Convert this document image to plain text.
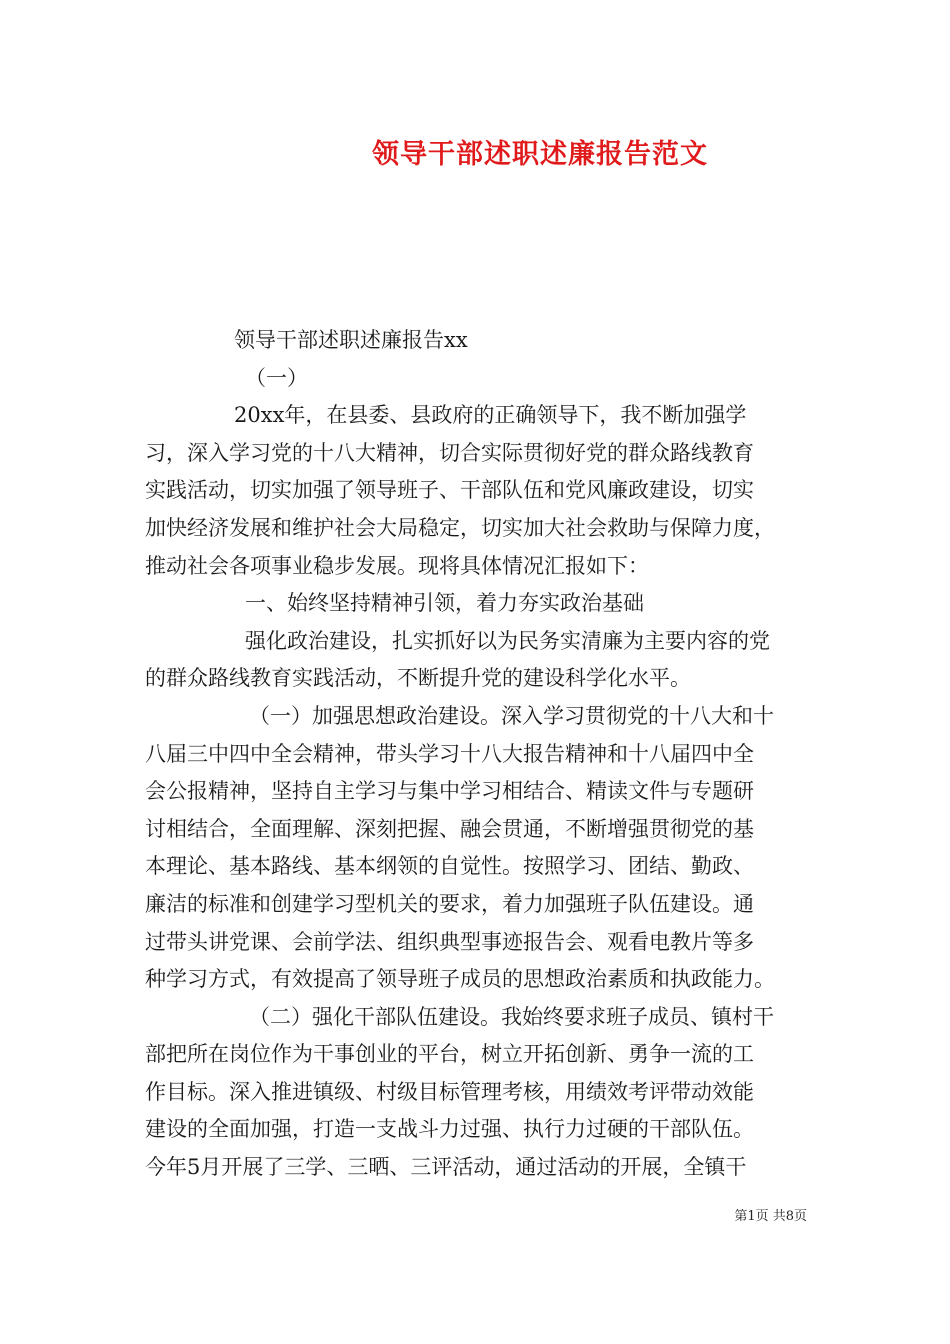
领导干部述职述廉报告范文

领导干部述职述廉报告xx

（一）

20xx年，在县委、县政府的正确领导下，我不断加强学
习，深入学习党的十八大精神，切合实际贯彻好党的群众路线教育
实践活动，切实加强了领导班子、干部队伍和党风廉政建设，切实
加快经济发展和维护社会大局稳定，切实加大社会救助与保障力度，
推动社会各项事业稳步发展。现将具体情况汇报如下：

一、始终坚持精神引领，着力夯实政治基础

强化政治建设，扎实抓好以为民务实清廉为主要内容的党
的群众路线教育实践活动，不断提升党的建设科学化水平。

（一）加强思想政治建设。深入学习贯彻党的十八大和十
八届三中四中全会精神，带头学习十八大报告精神和十八届四中全
会公报精神，坚持自主学习与集中学习相结合、精读文件与专题研
讨相结合，全面理解、深刻把握、融会贯通，不断增强贯彻党的基
本理论、基本路线、基本纲领的自觉性。按照学习、团结、勤政、
廉洁的标准和创建学习型机关的要求，着力加强班子队伍建设。通
过带头讲党课、会前学法、组织典型事迹报告会、观看电教片等多
种学习方式，有效提高了领导班子成员的思想政治素质和执政能力。

（二）强化干部队伍建设。我始终要求班子成员、镇村干
部把所在岗位作为干事创业的平台，树立开拓创新、勇争一流的工
作目标。深入推进镇级、村级目标管理考核，用绩效考评带动效能
建设的全面加强，打造一支战斗力过强、执行力过硬的干部队伍。
今年5月开展了三学、三晒、三评活动，通过活动的开展，全镇干

第1页 共8页
